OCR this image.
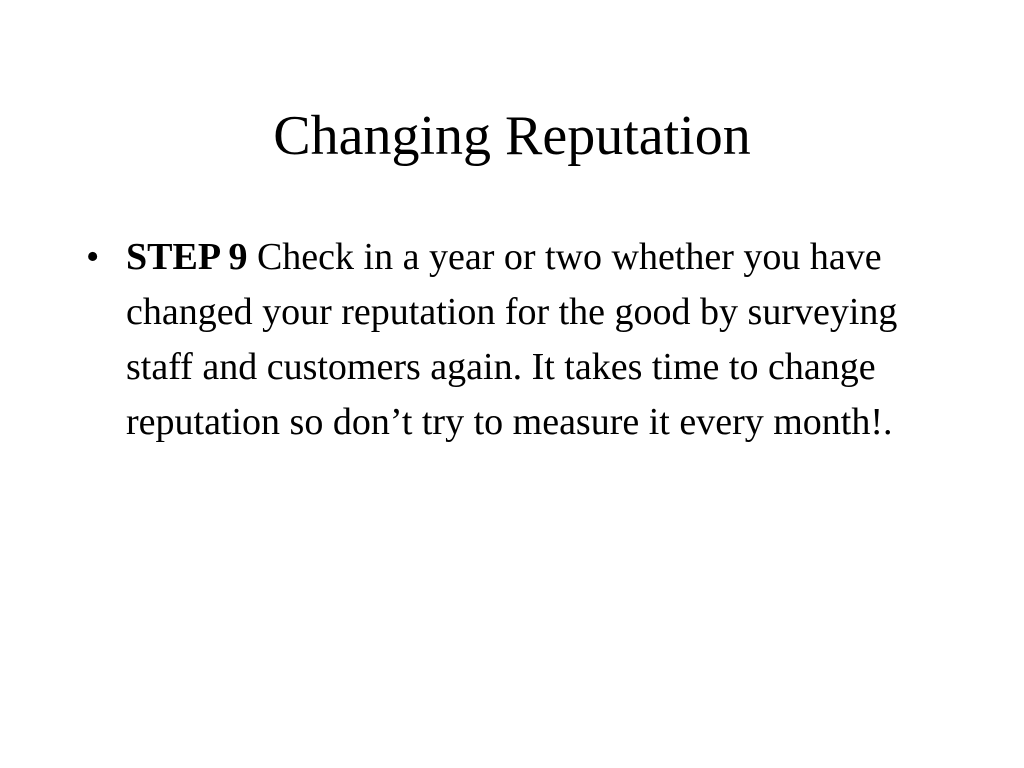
Changing Reputation
• STEP 9 Check in a year or two whether you have changed your reputation for the good by surveying staff and customers again. It takes time to change reputation so don’t try to measure it every month!.
